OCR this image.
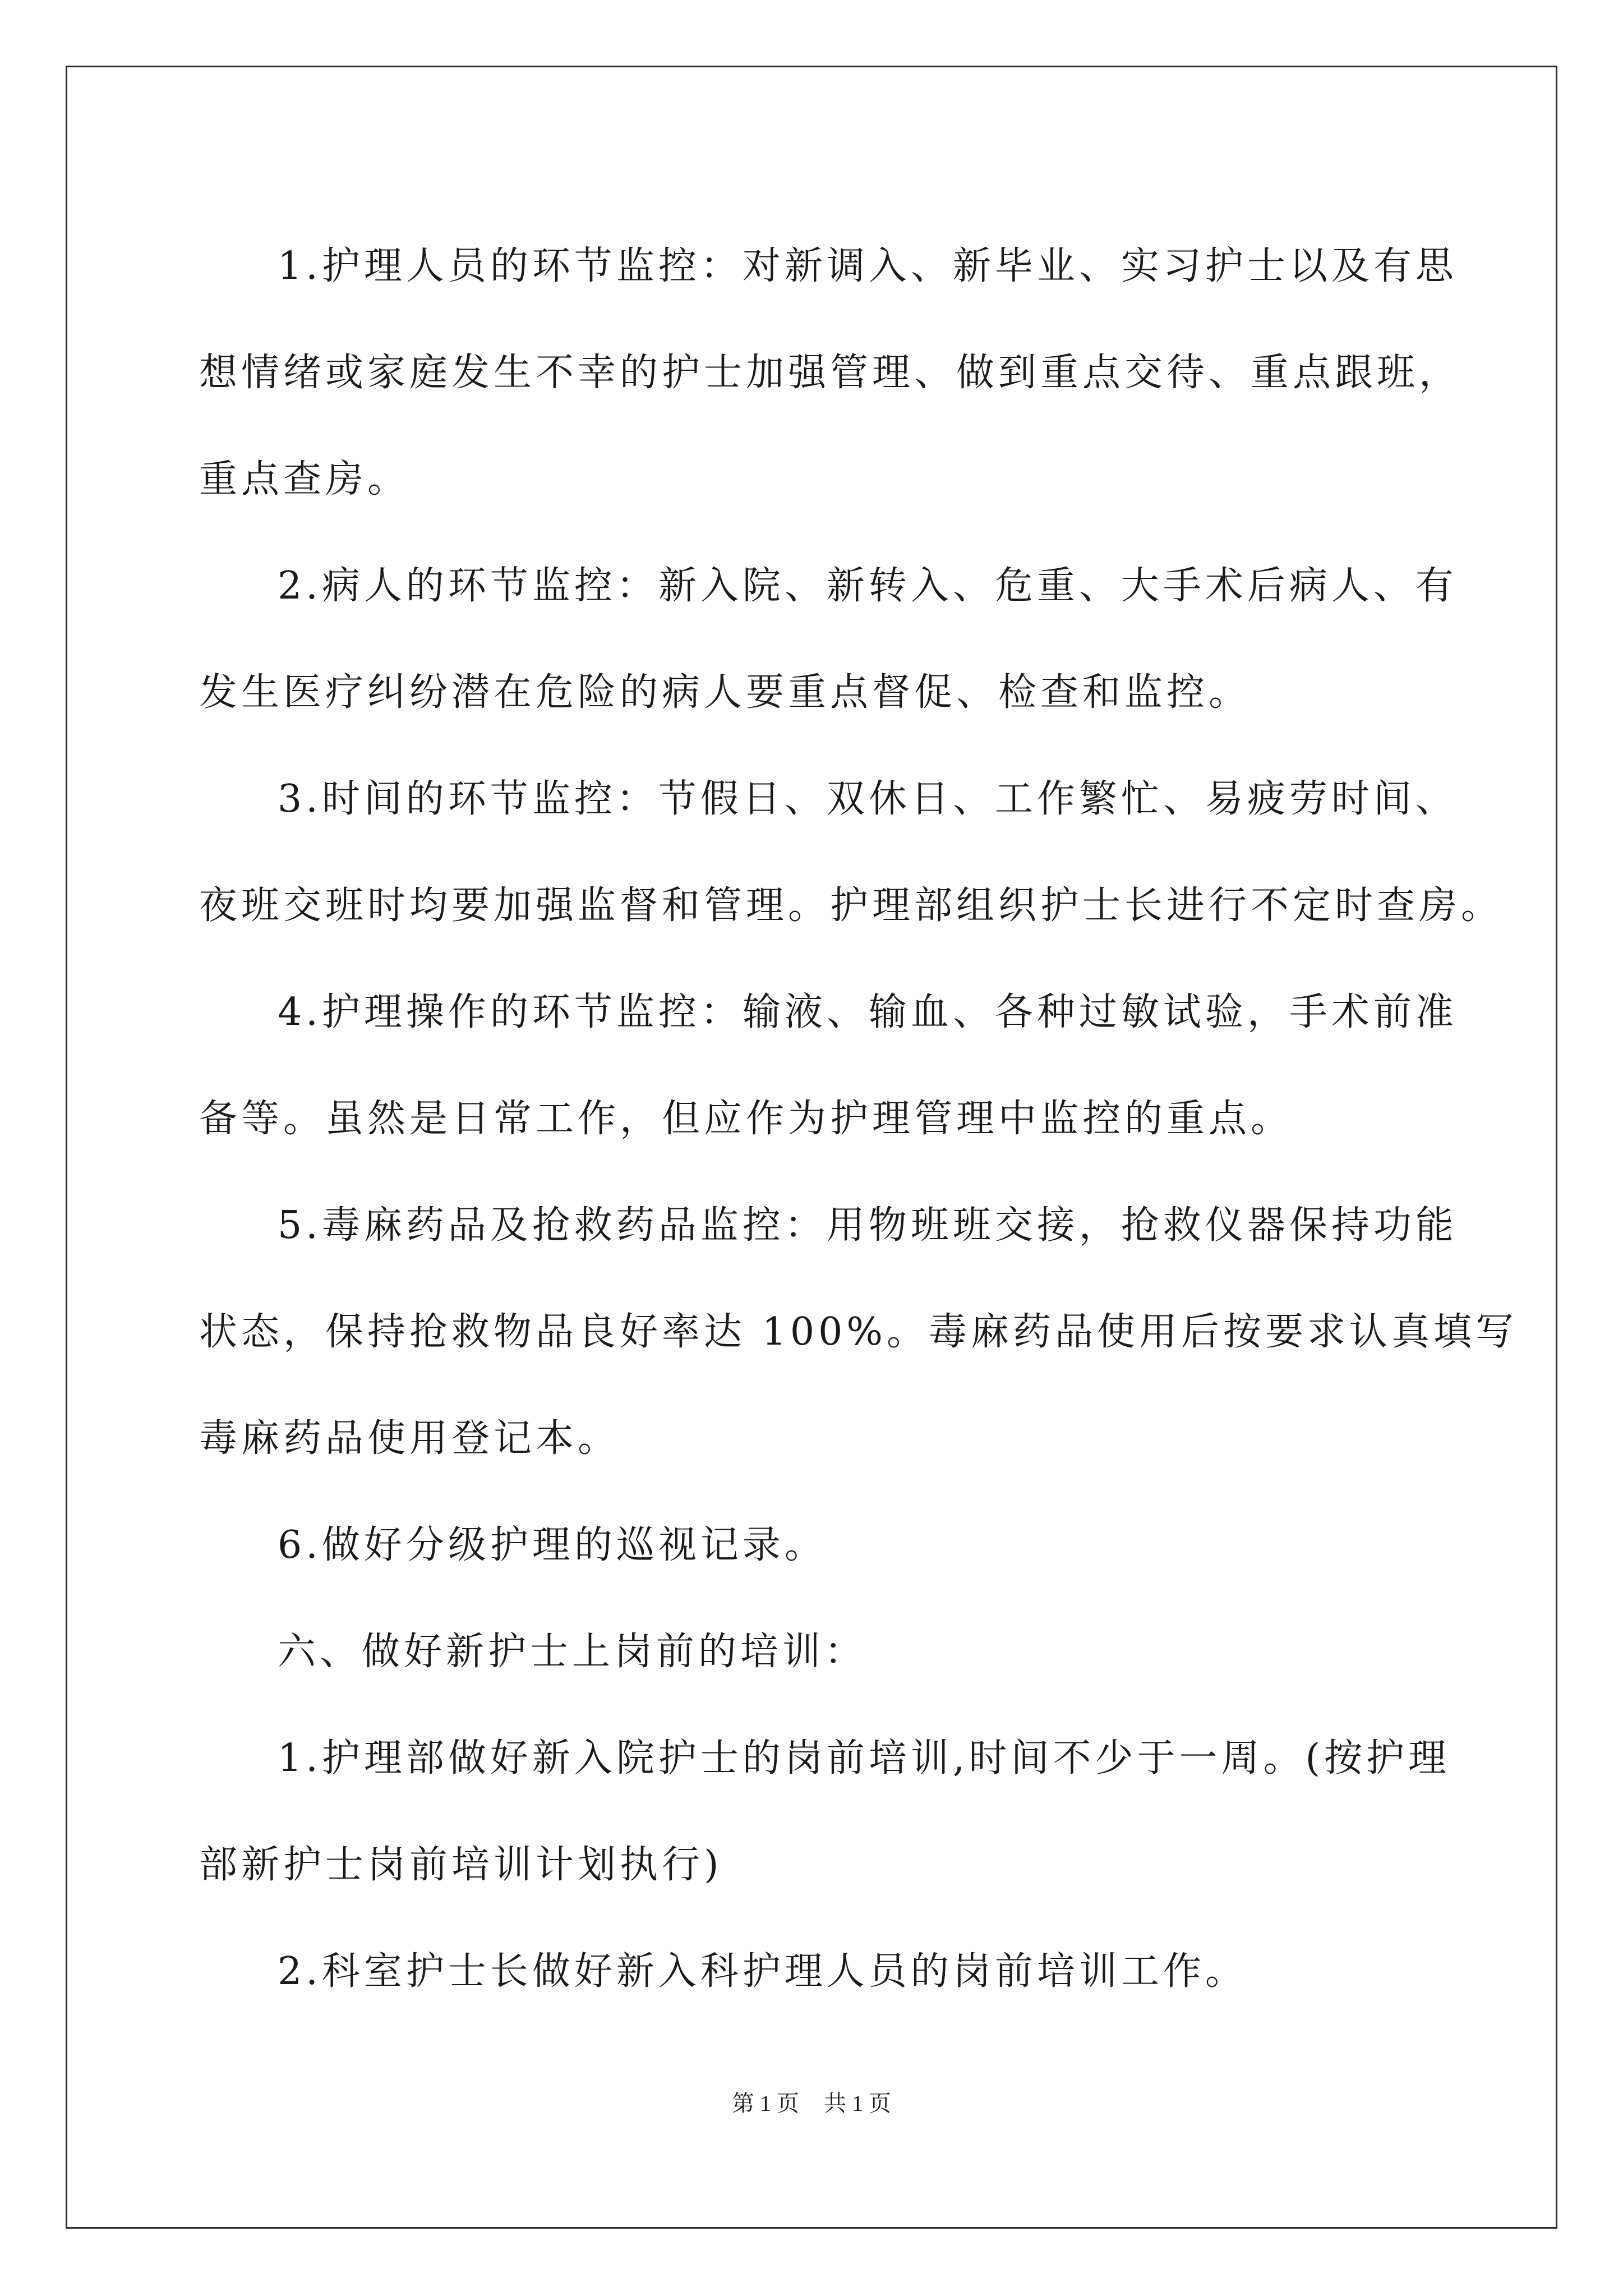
1.护理人员的环节监控：对新调入、新毕业、实习护士以及有思
想情绪或家庭发生不幸的护士加强管理、做到重点交待、重点跟班，
重点查房。
2.病人的环节监控：新入院、新转入、危重、大手术后病人、有
发生医疗纠纷潜在危险的病人要重点督促、检查和监控。
3.时间的环节监控：节假日、双休日、工作繁忙、易疲劳时间、
夜班交班时均要加强监督和管理。护理部组织护士长进行不定时查房。
4.护理操作的环节监控：输液、输血、各种过敏试验，手术前准
备等。虽然是日常工作，但应作为护理管理中监控的重点。
5.毒麻药品及抢救药品监控：用物班班交接，抢救仪器保持功能
状态，保持抢救物品良好率达 100%。毒麻药品使用后按要求认真填写
毒麻药品使用登记本。
6.做好分级护理的巡视记录。
六、做好新护士上岗前的培训：
1.护理部做好新入院护士的岗前培训,时间不少于一周。(按护理
部新护士岗前培训计划执行)
2.科室护士长做好新入科护理人员的岗前培训工作。
第 1 页 共 1 页
